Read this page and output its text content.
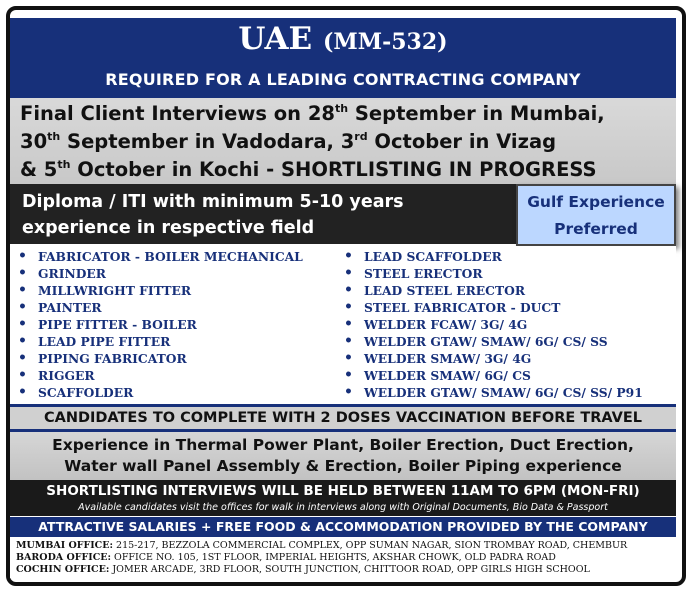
UAE (MM-532)
REQUIRED FOR A LEADING CONTRACTING COMPANY
Final Client Interviews on 28th September in Mumbai,
30th September in Vadodara, 3rd October in Vizag
& 5th October in Kochi - SHORTLISTING IN PROGRESS
Diploma / ITI with minimum 5-10 years
experience in respective field
Gulf Experience
Preferred
• FABRICATOR - BOILER MECHANICAL
• GRINDER
• MILLWRIGHT FITTER
• PAINTER
• PIPE FITTER - BOILER
• LEAD PIPE FITTER
• PIPING FABRICATOR
• RIGGER
• SCAFFOLDER
• LEAD SCAFFOLDER
• STEEL ERECTOR
• LEAD STEEL ERECTOR
• STEEL FABRICATOR - DUCT
• WELDER FCAW/ 3G/ 4G
• WELDER GTAW/ SMAW/ 6G/ CS/ SS
• WELDER SMAW/ 3G/ 4G
• WELDER SMAW/ 6G/ CS
• WELDER GTAW/ SMAW/ 6G/ CS/ SS/ P91
CANDIDATES TO COMPLETE WITH 2 DOSES VACCINATION BEFORE TRAVEL
Experience in Thermal Power Plant, Boiler Erection, Duct Erection,
Water wall Panel Assembly & Erection, Boiler Piping experience
SHORTLISTING INTERVIEWS WILL BE HELD BETWEEN 11AM TO 6PM (MON-FRI)
Available candidates visit the offices for walk in interviews along with Original Documents, Bio Data & Passport
ATTRACTIVE SALARIES + FREE FOOD & ACCOMMODATION PROVIDED BY THE COMPANY
MUMBAI OFFICE: 215-217, BEZZOLA COMMERCIAL COMPLEX, OPP SUMAN NAGAR, SION TROMBAY ROAD, CHEMBUR
BARODA OFFICE: OFFICE NO. 105, 1ST FLOOR, IMPERIAL HEIGHTS, AKSHAR CHOWK, OLD PADRA ROAD
COCHIN OFFICE: JOMER ARCADE, 3RD FLOOR, SOUTH JUNCTION, CHITTOOR ROAD, OPP GIRLS HIGH SCHOOL
